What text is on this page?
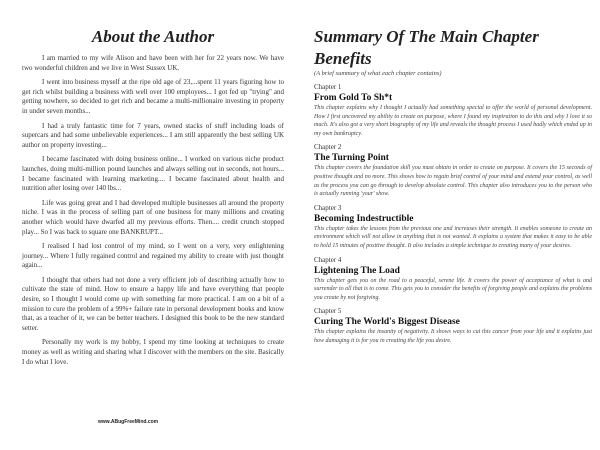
About the Author

I am married to my wife Alison and have been with her for 22 years now. We have two wonderful children and we live in West Sussex UK.

I went into business myself at the ripe old age of 23,...spent 11 years figuring how to get rich whilst building a business with well over 100 employees... I got fed up "trying" and getting nowhere, so decided to get rich and became a multi-millionaire investing in property in under seven months...

I had a truly fantastic time for 7 years, owned stacks of stuff including loads of supercars and had some unbelievable experiences... I am still apparently the best selling UK author on property investing...

I became fascinated with doing business online... I worked on various niche product launches, doing multi-million pound launches and always selling out in seconds, not hours... I became fascinated with learning marketing.... I became fascinated about health and nutrition after losing over 140 lbs...

Life was going great and I had developed multiple businesses all around the property niche. I was in the process of selling part of one business for many millions and creating another which would have dwarfed all my previous efforts. Then.... credit crunch stopped play... So I was back to square one BANKRUPT...

I realised I had lost control of my mind, so I went on a very, very enlightening journey... Where I fully regained control and regained my ability to create with just thought again...

I thought that others had not done a very efficient job of describing actually how to cultivate the state of mind. How to ensure a happy life and have everything that people desire, so I thought I would come up with something far more practical. I am on a bit of a mission to cure the problem of a 99%+ failure rate in personal development books and know that, as a teacher of it, we can be better teachers. I designed this book to be the new standard setter.

Personally my work is my hobby, I spend my time looking at techniques to create money as well as writing and sharing what I discover with the members on the site. Basically I do what I love.

www.ABugFreeMind.com
Summary Of The Main Chapter Benefits
(A brief summary of what each chapter contains)
Chapter 1
From Gold To Sh*t
This chapter explains why I thought I actually had something special to offer the world of personal development. How I first uncovered my ability to create on purpose, where I found my inspiration to do this and why I love it so much. It's also got a very short biography of my life and reveals the thought process I used badly which ended up in my own bankruptcy.
Chapter 2
The Turning Point
This chapter covers the foundation skill you must obtain in order to create on purpose. It covers the 15 seconds of positive thought and no more. This shows how to regain brief control of your mind and extend your control, as well as the process you can go through to develop absolute control. This chapter also introduces you to the person who is actually running 'your' show.
Chapter 3
Becoming Indestructible
This chapter takes the lessons from the previous one and increases their strength. It enables someone to create an environment which will not allow in anything that is not wanted. It explains a system that makes it easy to be able to hold 15 minutes of positive thought. It also includes a simple technique to creating many of your desires.
Chapter 4
Lightening The Load
This chapter gets you on the road to a peaceful, serene life. It covers the power of acceptance of what is and surrender to all that is to come. This gets you to consider the benefits of forgiving people and explains the problems you create by not forgiving.
Chapter 5
Curing The World's Biggest Disease
This chapter explains the insanity of negativity. It shows ways to cut this cancer from your life and it explains just how damaging it is for you in creating the life you desire.
